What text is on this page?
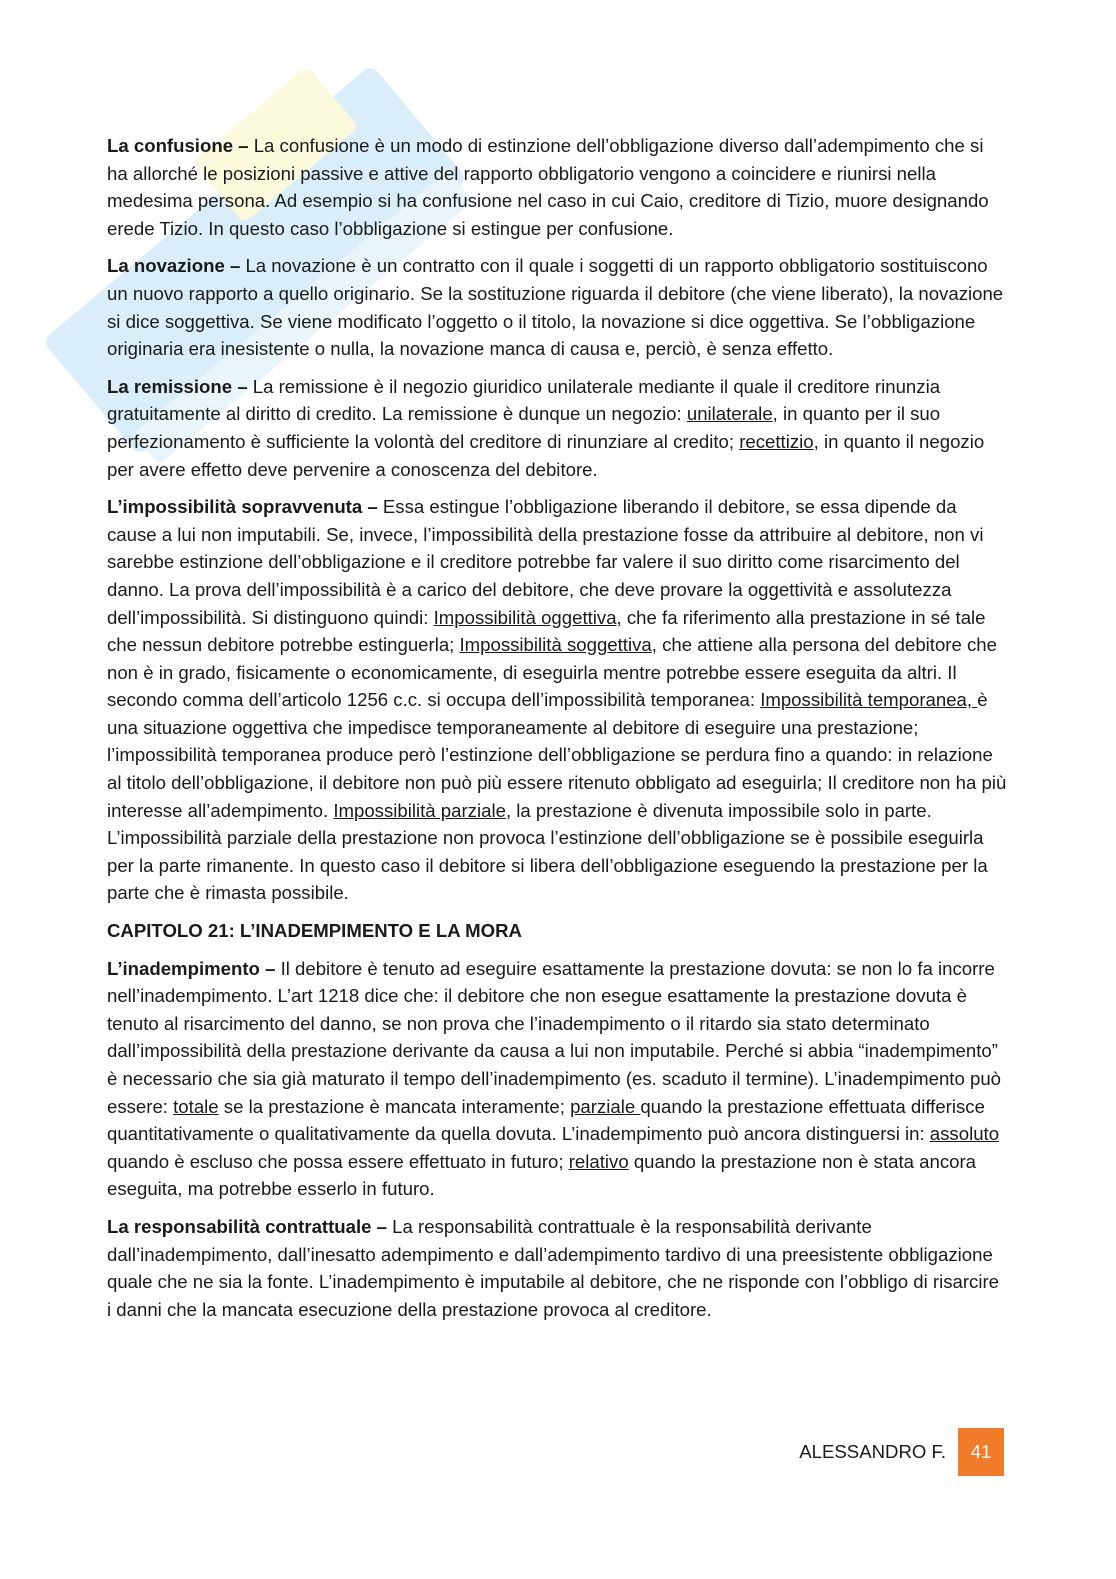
La confusione – La confusione è un modo di estinzione dell’obbligazione diverso dall’adempimento che si ha allorché le posizioni passive e attive del rapporto obbligatorio vengono a coincidere e riunirsi nella medesima persona. Ad esempio si ha confusione nel caso in cui Caio, creditore di Tizio, muore designando erede Tizio. In questo caso l’obbligazione si estingue per confusione.

La novazione – La novazione è un contratto con il quale i soggetti di un rapporto obbligatorio sostituiscono un nuovo rapporto a quello originario. Se la sostituzione riguarda il debitore (che viene liberato), la novazione si dice soggettiva. Se viene modificato l’oggetto o il titolo, la novazione si dice oggettiva. Se l’obbligazione originaria era inesistente o nulla, la novazione manca di causa e, perciò, è senza effetto.

La remissione – La remissione è il negozio giuridico unilaterale mediante il quale il creditore rinunzia gratuitamente al diritto di credito. La remissione è dunque un negozio: unilaterale, in quanto per il suo perfezionamento è sufficiente la volontà del creditore di rinunziare al credito; recettizio, in quanto il negozio per avere effetto deve pervenire a conoscenza del debitore.

L’impossibilità sopravvenuta – Essa estingue l’obbligazione liberando il debitore, se essa dipende da cause a lui non imputabili. Se, invece, l’impossibilità della prestazione fosse da attribuire al debitore, non vi sarebbe estinzione dell’obbligazione e il creditore potrebbe far valere il suo diritto come risarcimento del danno. La prova dell’impossibilità è a carico del debitore, che deve provare la oggettività e assolutezza dell’impossibilità. Si distinguono quindi: Impossibilità oggettiva, che fa riferimento alla prestazione in sé tale che nessun debitore potrebbe estinguerla; Impossibilità soggettiva, che attiene alla persona del debitore che non è in grado, fisicamente o economicamente, di eseguirla mentre potrebbe essere eseguita da altri. Il secondo comma dell’articolo 1256 c.c. si occupa dell’impossibilità temporanea: Impossibilità temporanea, è una situazione oggettiva che impedisce temporaneamente al debitore di eseguire una prestazione; l’impossibilità temporanea produce però l’estinzione dell’obbligazione se perdura fino a quando: in relazione al titolo dell’obbligazione, il debitore non può più essere ritenuto obbligato ad eseguirla; Il creditore non ha più interesse all’adempimento. Impossibilità parziale, la prestazione è divenuta impossibile solo in parte. L’impossibilità parziale della prestazione non provoca l’estinzione dell’obbligazione se è possibile eseguirla per la parte rimanente. In questo caso il debitore si libera dell’obbligazione eseguendo la prestazione per la parte che è rimasta possibile.

CAPITOLO 21: L’INADEMPIMENTO E LA MORA

L’inadempimento – Il debitore è tenuto ad eseguire esattamente la prestazione dovuta: se non lo fa incorre nell’inadempimento. L’art 1218 dice che: il debitore che non esegue esattamente la prestazione dovuta è tenuto al risarcimento del danno, se non prova che l’inadempimento o il ritardo sia stato determinato dall’impossibilità della prestazione derivante da causa a lui non imputabile. Perché si abbia “inadempimento” è necessario che sia già maturato il tempo dell’inadempimento (es. scaduto il termine). L’inadempimento può essere: totale se la prestazione è mancata interamente; parziale quando la prestazione effettuata differisce quantitativamente o qualitativamente da quella dovuta. L’inadempimento può ancora distinguersi in: assoluto quando è escluso che possa essere effettuato in futuro; relativo quando la prestazione non è stata ancora eseguita, ma potrebbe esserlo in futuro.

La responsabilità contrattuale – La responsabilità contrattuale è la responsabilità derivante dall’inadempimento, dall’inesatto adempimento e dall’adempimento tardivo di una preesistente obbligazione quale che ne sia la fonte. L’inadempimento è imputabile al debitore, che ne risponde con l’obbligo di risarcire i danni che la mancata esecuzione della prestazione provoca al creditore.

ALESSANDRO F.	41
